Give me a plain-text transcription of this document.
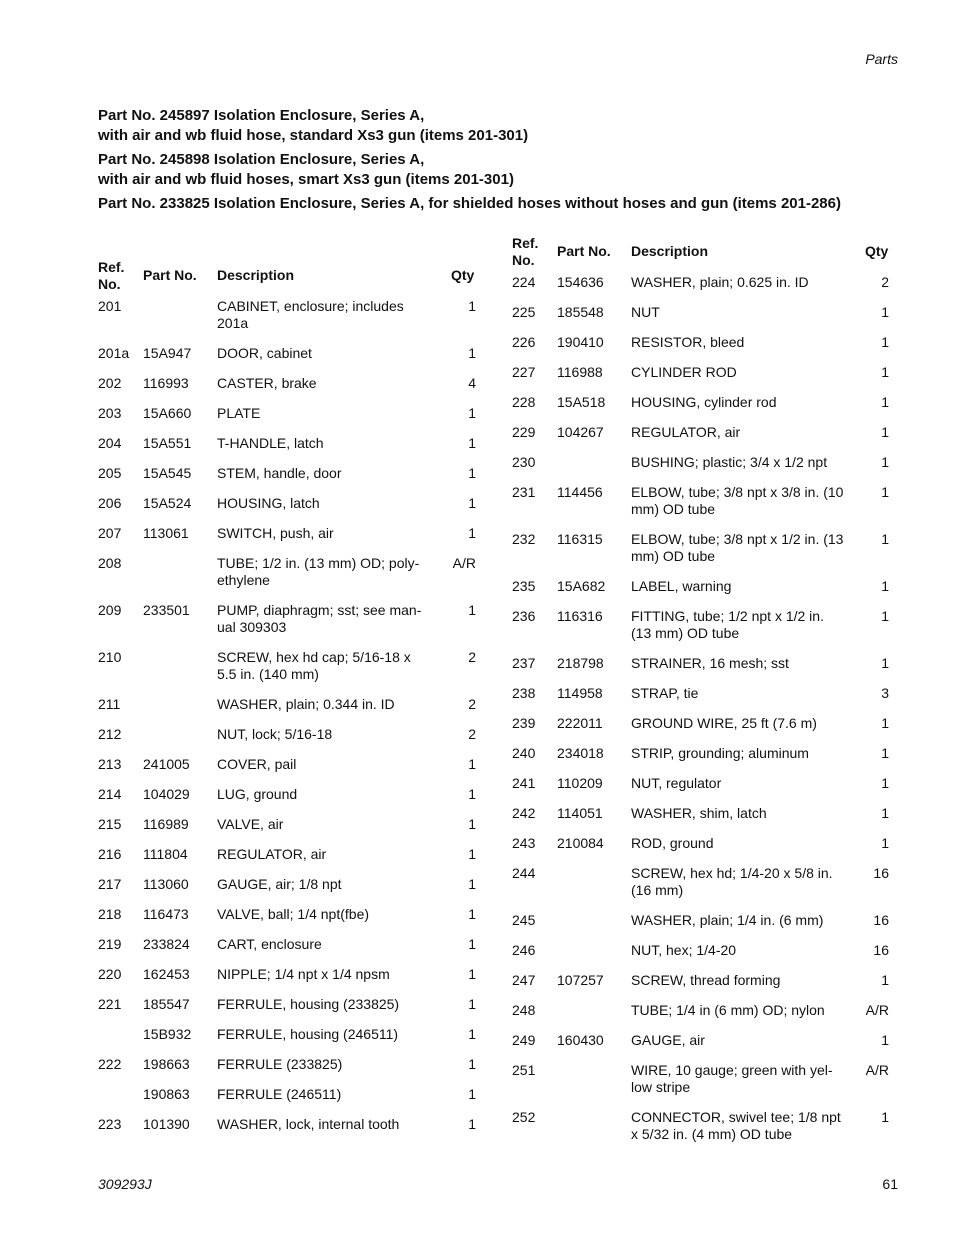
Parts
Part No. 245897 Isolation Enclosure, Series A,
with air and wb fluid hose, standard Xs3 gun (items 201-301)
Part No. 245898 Isolation Enclosure, Series A,
with air and wb fluid hoses, smart Xs3 gun (items 201-301)
Part No. 233825 Isolation Enclosure, Series A, for shielded hoses without hoses and gun (items 201-286)
Ref.
No.	Part No.	Description	Qty
201		CABINET, enclosure; includes 201a	1
201a	15A947	DOOR, cabinet	1
202	116993	CASTER, brake	4
203	15A660	PLATE	1
204	15A551	T-HANDLE, latch	1
205	15A545	STEM, handle, door	1
206	15A524	HOUSING, latch	1
207	113061	SWITCH, push, air	1
208		TUBE; 1/2 in. (13 mm) OD; poly-ethylene	A/R
209	233501	PUMP, diaphragm; sst; see man-ual 309303	1
210		SCREW, hex hd cap; 5/16-18 x 5.5 in. (140 mm)	2
211		WASHER, plain; 0.344 in. ID	2
212		NUT, lock; 5/16-18	2
213	241005	COVER, pail	1
214	104029	LUG, ground	1
215	116989	VALVE, air	1
216	111804	REGULATOR, air	1
217	113060	GAUGE, air; 1/8 npt	1
218	116473	VALVE, ball; 1/4 npt(fbe)	1
219	233824	CART, enclosure	1
220	162453	NIPPLE; 1/4 npt x 1/4 npsm	1
221	185547	FERRULE, housing (233825)	1
	15B932	FERRULE, housing (246511)	1
222	198663	FERRULE (233825)	1
	190863	FERRULE (246511)	1
223	101390	WASHER, lock, internal tooth	1
Ref.
No.	Part No.	Description	Qty
224	154636	WASHER, plain; 0.625 in. ID	2
225	185548	NUT	1
226	190410	RESISTOR, bleed	1
227	116988	CYLINDER ROD	1
228	15A518	HOUSING, cylinder rod	1
229	104267	REGULATOR, air	1
230		BUSHING; plastic; 3/4 x 1/2 npt	1
231	114456	ELBOW, tube; 3/8 npt x 3/8 in. (10 mm) OD tube	1
232	116315	ELBOW, tube; 3/8 npt x 1/2 in. (13 mm) OD tube	1
235	15A682	LABEL, warning	1
236	116316	FITTING, tube; 1/2 npt x 1/2 in. (13 mm) OD tube	1
237	218798	STRAINER, 16 mesh; sst	1
238	114958	STRAP, tie	3
239	222011	GROUND WIRE, 25 ft (7.6 m)	1
240	234018	STRIP, grounding; aluminum	1
241	110209	NUT, regulator	1
242	114051	WASHER, shim, latch	1
243	210084	ROD, ground	1
244		SCREW, hex hd; 1/4-20 x 5/8 in. (16 mm)	16
245		WASHER, plain; 1/4 in. (6 mm)	16
246		NUT, hex; 1/4-20	16
247	107257	SCREW, thread forming	1
248		TUBE; 1/4 in (6 mm) OD; nylon	A/R
249	160430	GAUGE, air	1
251		WIRE, 10 gauge; green with yel-low stripe	A/R
252		CONNECTOR, swivel tee; 1/8 npt x 5/32 in. (4 mm) OD tube	1
309293J	61
